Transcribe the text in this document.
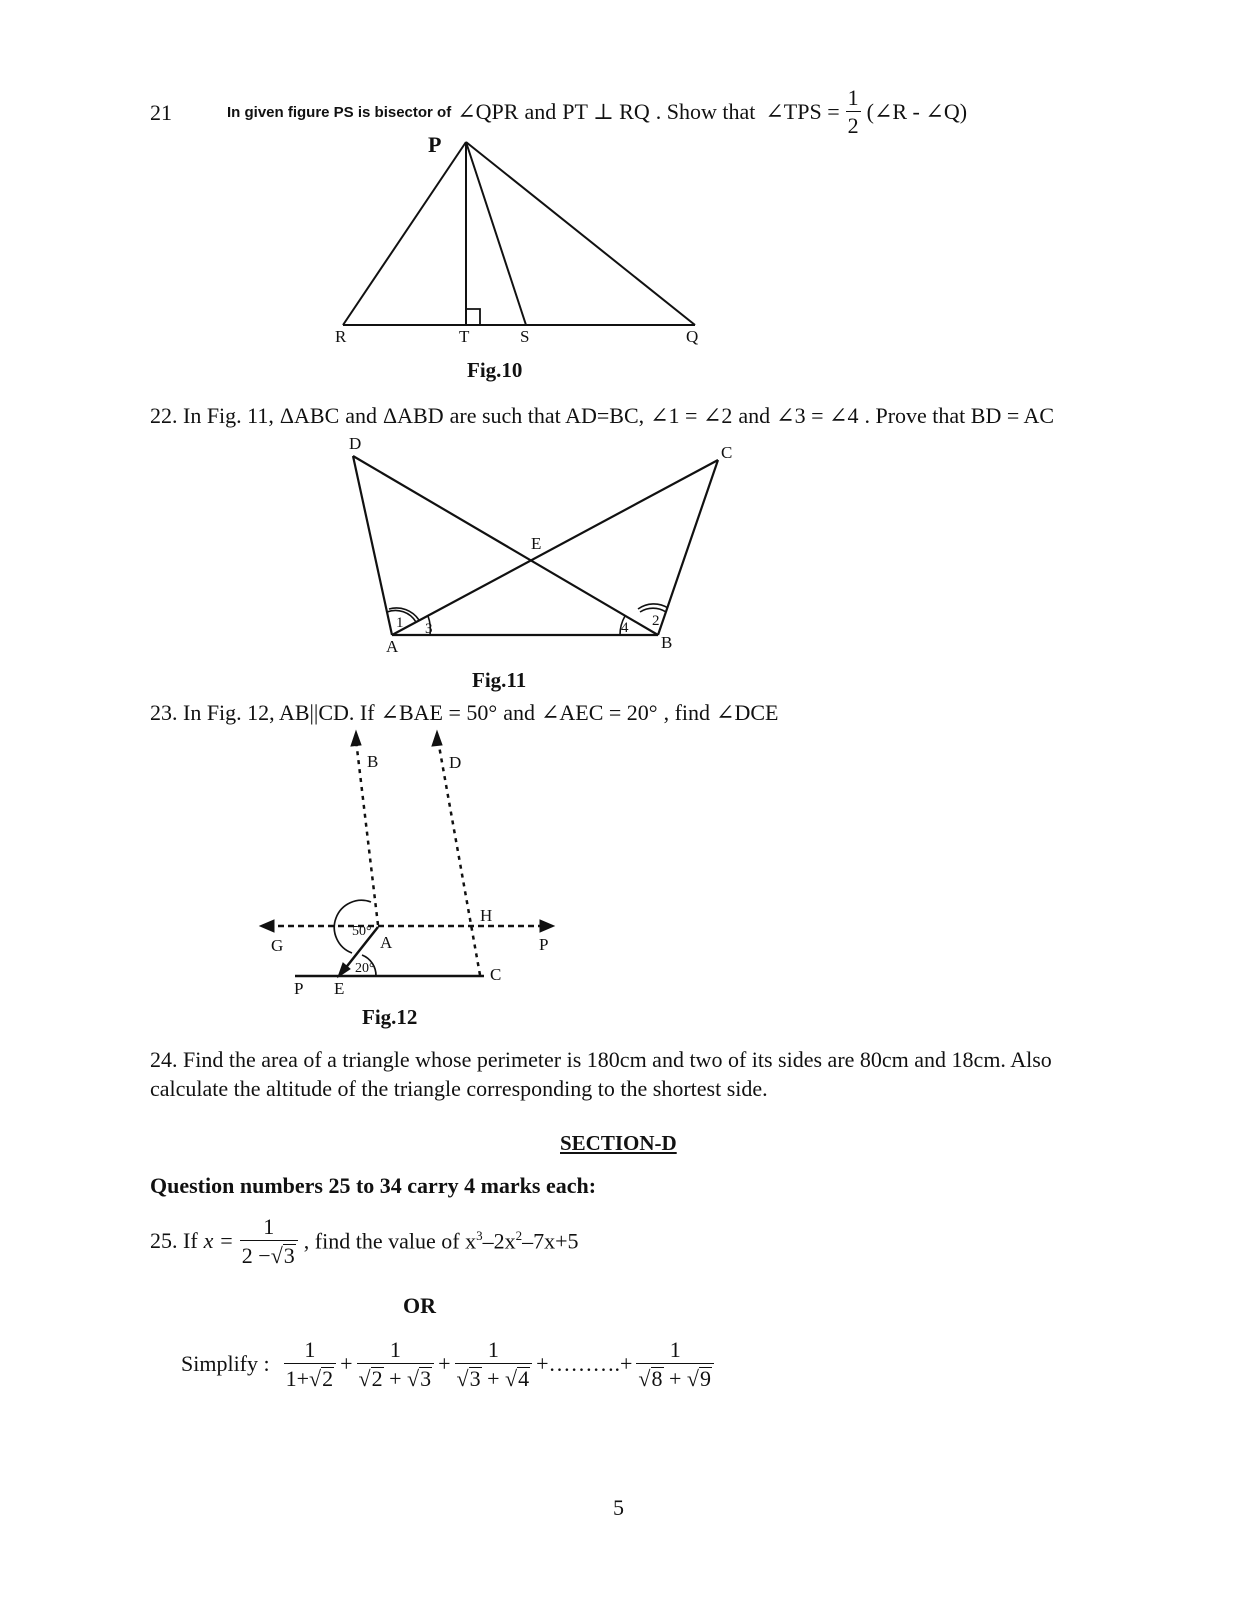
21	In given figure PS is bisector of ∠QPR and PT ⊥ RQ . Show that ∠TPS = $\frac{1}{2}$ (∠R - ∠Q)
P
R	T	S	Q
D	C
E
A	B
1	2
3	4
B	D
H
G	A	P
C
P E
50°
20°
Fig.10
22. In Fig. 11, ΔABC and ΔABD are such that AD=BC, ∠1 = ∠2 and ∠3 = ∠4 . Prove that BD = AC
Fig.11
23. In Fig. 12, AB||CD. If ∠BAE = 50° and ∠AEC = 20° , find ∠DCE
Fig.12
24. Find the area of a triangle whose perimeter is 180cm and two of its sides are 80cm and 18cm. Also
calculate the altitude of the triangle corresponding to the shortest side.
SECTION-D
Question numbers 25 to 34 carry 4 marks each:
25. If $x = \frac{1}{2 -√3}$ , find the value of $x^3-2x^2-7x+5$
OR
Simplify : $\frac{1}{1+√2} + \frac{1}{√2 + √3} + \frac{1}{√3 + √4}$ +……….+ $\frac{1}{√8 + √9}$
5
